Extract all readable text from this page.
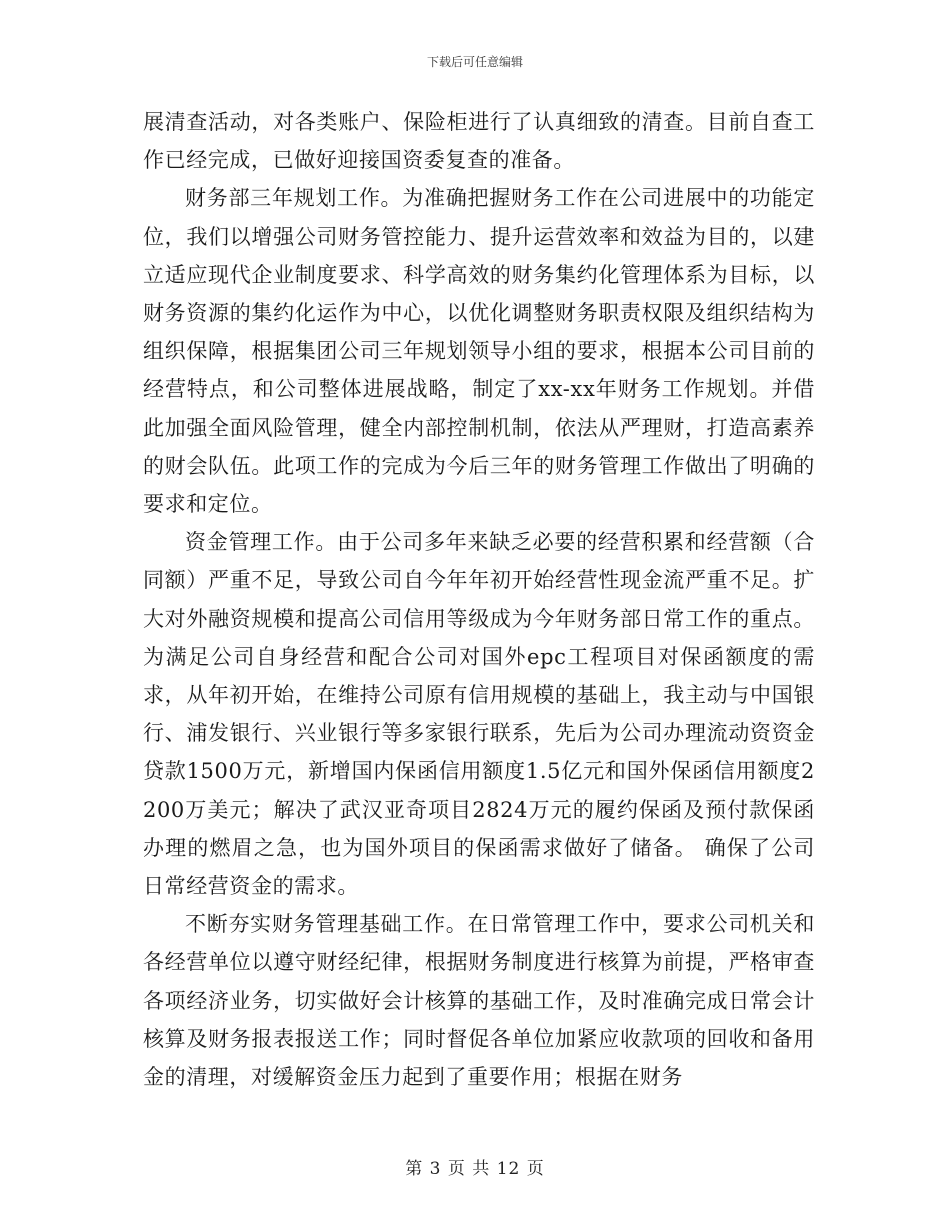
下载后可任意编辑

展清查活动，对各类账户、保险柜进行了认真细致的清查。目前自查工作已经完成，已做好迎接国资委复查的准备。

财务部三年规划工作。为准确把握财务工作在公司进展中的功能定位，我们以增强公司财务管控能力、提升运营效率和效益为目的，以建立适应现代企业制度要求、科学高效的财务集约化管理体系为目标，以财务资源的集约化运作为中心，以优化调整财务职责权限及组织结构为组织保障，根据集团公司三年规划领导小组的要求，根据本公司目前的经营特点，和公司整体进展战略，制定了xx-xx年财务工作规划。并借此加强全面风险管理，健全内部控制机制，依法从严理财，打造高素养的财会队伍。此项工作的完成为今后三年的财务管理工作做出了明确的要求和定位。

资金管理工作。由于公司多年来缺乏必要的经营积累和经营额（合同额）严重不足，导致公司自今年年初开始经营性现金流严重不足。扩大对外融资规模和提高公司信用等级成为今年财务部日常工作的重点。为满足公司自身经营和配合公司对国外epc工程项目对保函额度的需求，从年初开始，在维持公司原有信用规模的基础上，我主动与中国银行、浦发银行、兴业银行等多家银行联系，先后为公司办理流动资资金贷款1500万元，新增国内保函信用额度1.5亿元和国外保函信用额度2200万美元；解决了武汉亚奇项目2824万元的履约保函及预付款保函办理的燃眉之急，也为国外项目的保函需求做好了储备。 确保了公司日常经营资金的需求。

不断夯实财务管理基础工作。在日常管理工作中，要求公司机关和各经营单位以遵守财经纪律，根据财务制度进行核算为前提，严格审查各项经济业务，切实做好会计核算的基础工作，及时准确完成日常会计核算及财务报表报送工作；同时督促各单位加紧应收款项的回收和备用金的清理，对缓解资金压力起到了重要作用；根据在财务

第 3 页 共 12 页
